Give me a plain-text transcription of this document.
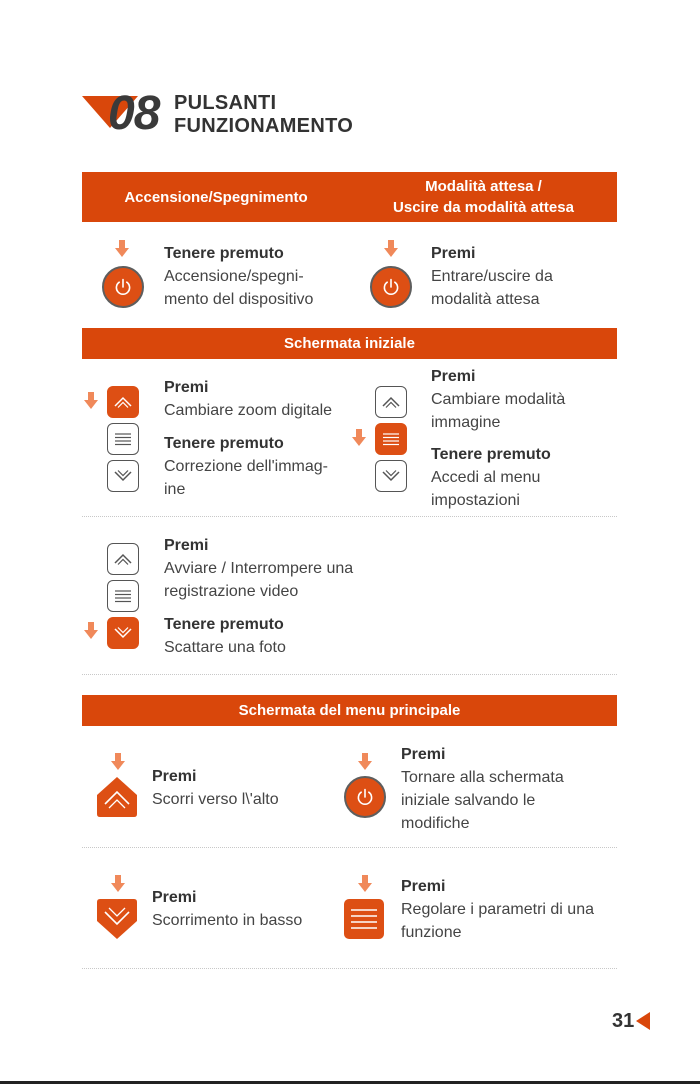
08 PULSANTI
FUNZIONAMENTO
Accensione/Spegnimento
Modalità attesa /
Uscire da modalità attesa
Tenere premuto
Accensione/spegni-
mento del dispositivo
Premi
Entrare/uscire da
modalità attesa
Schermata iniziale
Premi
Cambiare zoom digitale
Tenere premuto
Correzione dell'immag-
ine
Premi
Cambiare modalità
immagine
Tenere premuto
Accedi al menu
impostazioni
Premi
Avviare / Interrompere una
registrazione video
Tenere premuto
Scattare una foto
Schermata del menu principale
Premi
Scorri verso l\'alto
Premi
Tornare alla schermata
iniziale salvando le
modifiche
Premi
Scorrimento in basso
Premi
Regolare i parametri di una
funzione
31
